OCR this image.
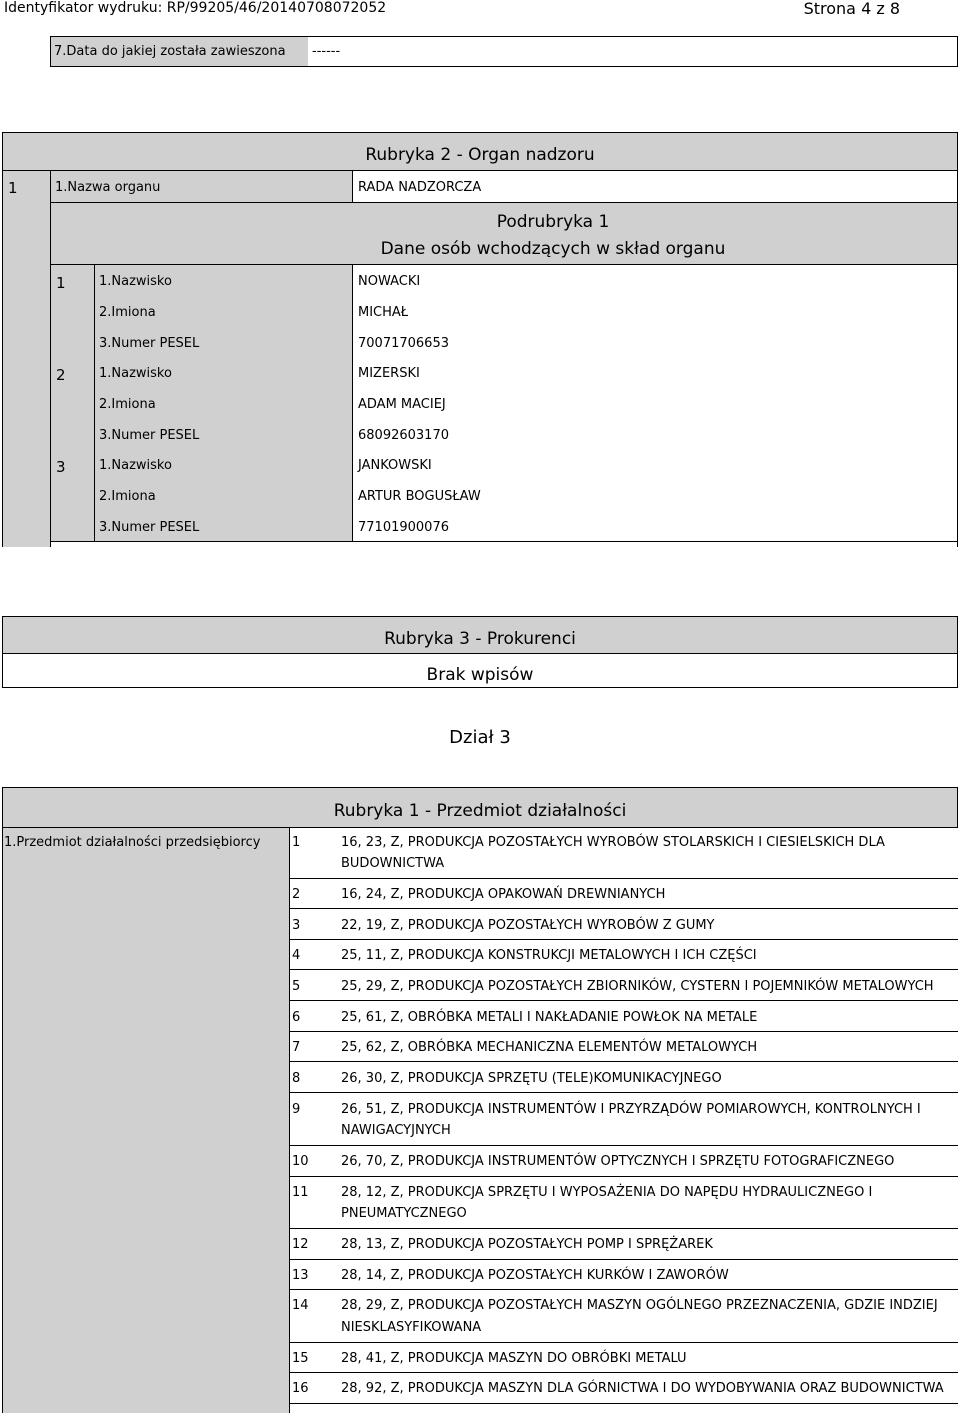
Identyfikator wydruku: RP/99205/46/20140708072052	Strona 4 z 8
7.Data do jakiej została zawieszona ------
Rubryka 2 - Organ nadzoru
1	1.Nazwa organu	RADA NADZORCZA
Podrubryka 1
Dane osób wchodzących w skład organu
1	1.Nazwisko	NOWACKI
2.Imiona	MICHAŁ
3.Numer PESEL	70071706653
2	1.Nazwisko	MIZERSKI
2.Imiona	ADAM MACIEJ
3.Numer PESEL	68092603170
3	1.Nazwisko	JANKOWSKI
2.Imiona	ARTUR BOGUSŁAW
3.Numer PESEL	77101900076
Rubryka 3 - Prokurenci
Brak wpisów
Dział 3
Rubryka 1 - Przedmiot działalności
1.Przedmiot działalności przedsiębiorcy 1	16, 23, Z, PRODUKCJA POZOSTAŁYCH WYROBÓW STOLARSKICH I CIESIELSKICH DLA
BUDOWNICTWA
2	16, 24, Z, PRODUKCJA OPAKOWAŃ DREWNIANYCH
3	22, 19, Z, PRODUKCJA POZOSTAŁYCH WYROBÓW Z GUMY
4	25, 11, Z, PRODUKCJA KONSTRUKCJI METALOWYCH I ICH CZĘŚCI
5	25, 29, Z, PRODUKCJA POZOSTAŁYCH ZBIORNIKÓW, CYSTERN I POJEMNIKÓW METALOWYCH
6	25, 61, Z, OBRÓBKA METALI I NAKŁADANIE POWŁOK NA METALE
7	25, 62, Z, OBRÓBKA MECHANICZNA ELEMENTÓW METALOWYCH
8	26, 30, Z, PRODUKCJA SPRZĘTU (TELE)KOMUNIKACYJNEGO
9	26, 51, Z, PRODUKCJA INSTRUMENTÓW I PRZYRZĄDÓW POMIAROWYCH, KONTROLNYCH I
NAWIGACYJNYCH
10 26, 70, Z, PRODUKCJA INSTRUMENTÓW OPTYCZNYCH I SPRZĘTU FOTOGRAFICZNEGO
11 28, 12, Z, PRODUKCJA SPRZĘTU I WYPOSAŻENIA DO NAPĘDU HYDRAULICZNEGO I
PNEUMATYCZNEGO
12 28, 13, Z, PRODUKCJA POZOSTAŁYCH POMP I SPRĘŻAREK
13 28, 14, Z, PRODUKCJA POZOSTAŁYCH KURKÓW I ZAWORÓW
14 28, 29, Z, PRODUKCJA POZOSTAŁYCH MASZYN OGÓLNEGO PRZEZNACZENIA, GDZIE INDZIEJ
NIESKLASYFIKOWANA
15 28, 41, Z, PRODUKCJA MASZYN DO OBRÓBKI METALU
16 28, 92, Z, PRODUKCJA MASZYN DLA GÓRNICTWA I DO WYDOBYWANIA ORAZ BUDOWNICTWA
